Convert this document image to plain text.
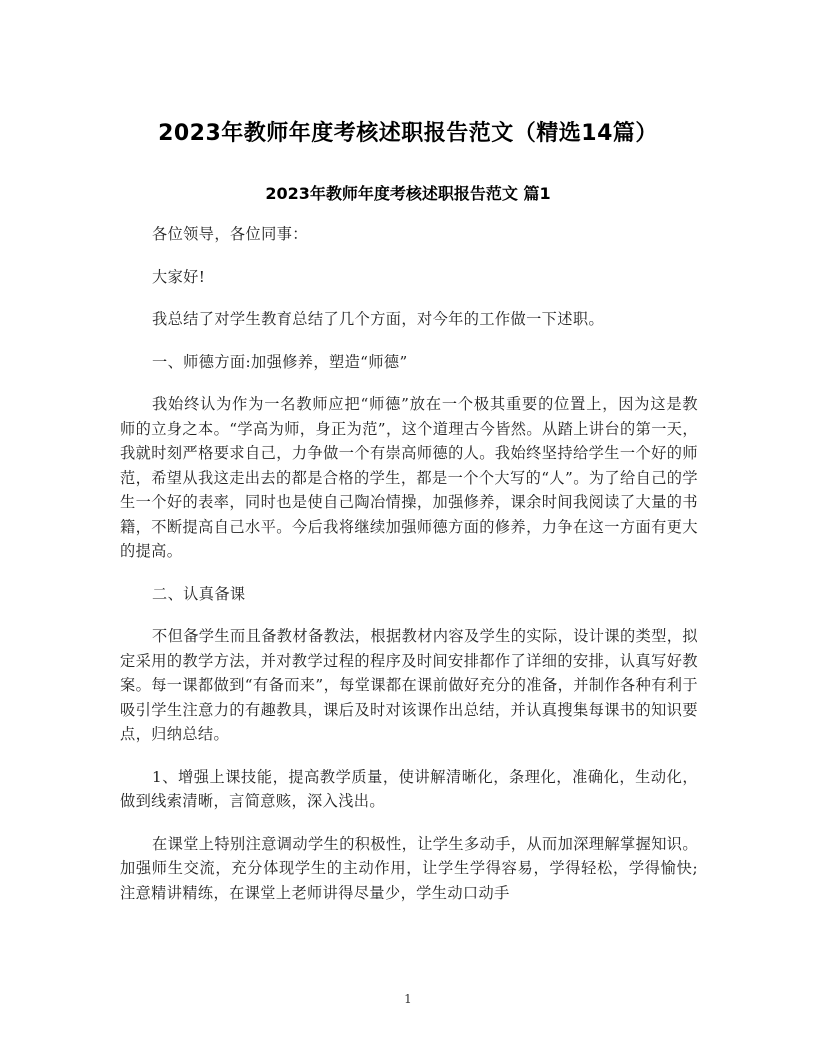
2023年教师年度考核述职报告范文（精选14篇）
2023年教师年度考核述职报告范文 篇1

各位领导，各位同事：

大家好!

我总结了对学生教育总结了几个方面，对今年的工作做一下述职。

一、师德方面:加强修养，塑造“师德”

我始终认为作为一名教师应把“师德”放在一个极其重要的位置上，因为这是教师的立身之本。“学高为师，身正为范”，这个道理古今皆然。从踏上讲台的第一天，我就时刻严格要求自己，力争做一个有崇高师德的人。我始终坚持给学生一个好的师范，希望从我这走出去的都是合格的学生，都是一个个大写的“人”。为了给自己的学生一个好的表率，同时也是使自己陶冶情操，加强修养，课余时间我阅读了大量的书籍，不断提高自己水平。今后我将继续加强师德方面的修养，力争在这一方面有更大的提高。

二、认真备课

不但备学生而且备教材备教法，根据教材内容及学生的实际，设计课的类型，拟定采用的教学方法，并对教学过程的程序及时间安排都作了详细的安排，认真写好教案。每一课都做到“有备而来”，每堂课都在课前做好充分的准备，并制作各种有利于吸引学生注意力的有趣教具，课后及时对该课作出总结，并认真搜集每课书的知识要点，归纳总结。

1、增强上课技能，提高教学质量，使讲解清晰化，条理化，准确化，生动化，做到线索清晰，言简意赅，深入浅出。

在课堂上特别注意调动学生的积极性，让学生多动手，从而加深理解掌握知识。加强师生交流，充分体现学生的主动作用，让学生学得容易，学得轻松，学得愉快;注意精讲精练，在课堂上老师讲得尽量少，学生动口动手

1
